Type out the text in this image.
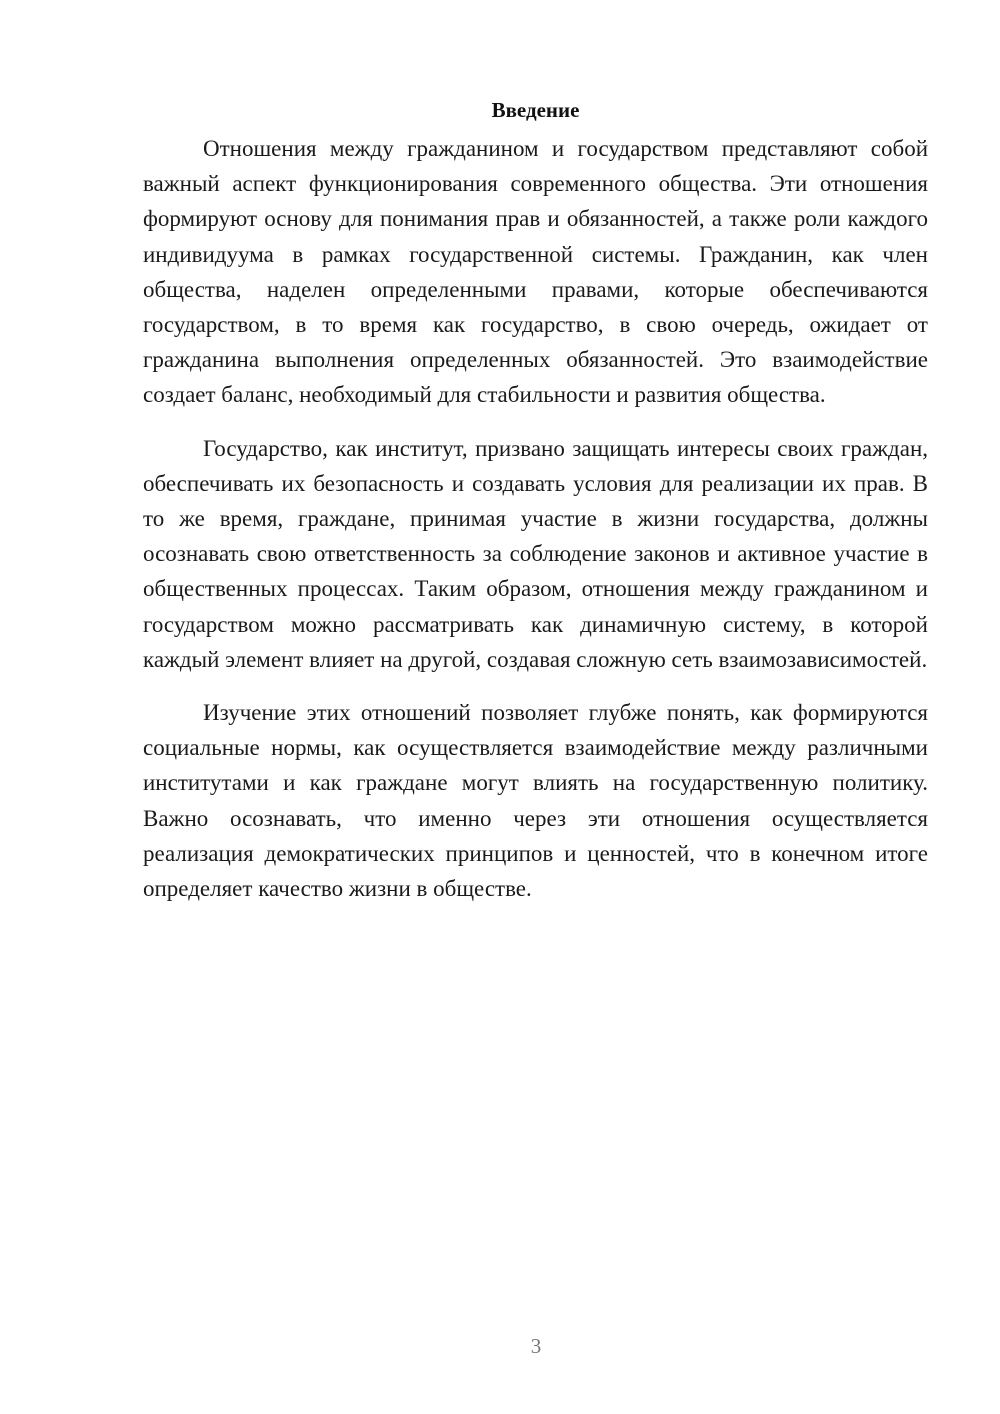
Введение

Отношения между гражданином и государством представляют собой важный аспект функционирования современного общества. Эти отношения формируют основу для понимания прав и обязанностей, а также роли каждого индивидуума в рамках государственной системы. Гражданин, как член общества, наделен определенными правами, которые обеспечиваются государством, в то время как государство, в свою очередь, ожидает от гражданина выполнения определенных обязанностей. Это взаимодействие создает баланс, необходимый для стабильности и развития общества.

Государство, как институт, призвано защищать интересы своих граждан, обеспечивать их безопасность и создавать условия для реализации их прав. В то же время, граждане, принимая участие в жизни государства, должны осознавать свою ответственность за соблюдение законов и активное участие в общественных процессах. Таким образом, отношения между гражданином и государством можно рассматривать как динамичную систему, в которой каждый элемент влияет на другой, создавая сложную сеть взаимозависимостей.

Изучение этих отношений позволяет глубже понять, как формируются социальные нормы, как осуществляется взаимодействие между различными институтами и как граждане могут влиять на государственную политику. Важно осознавать, что именно через эти отношения осуществляется реализация демократических принципов и ценностей, что в конечном итоге определяет качество жизни в обществе.

3
